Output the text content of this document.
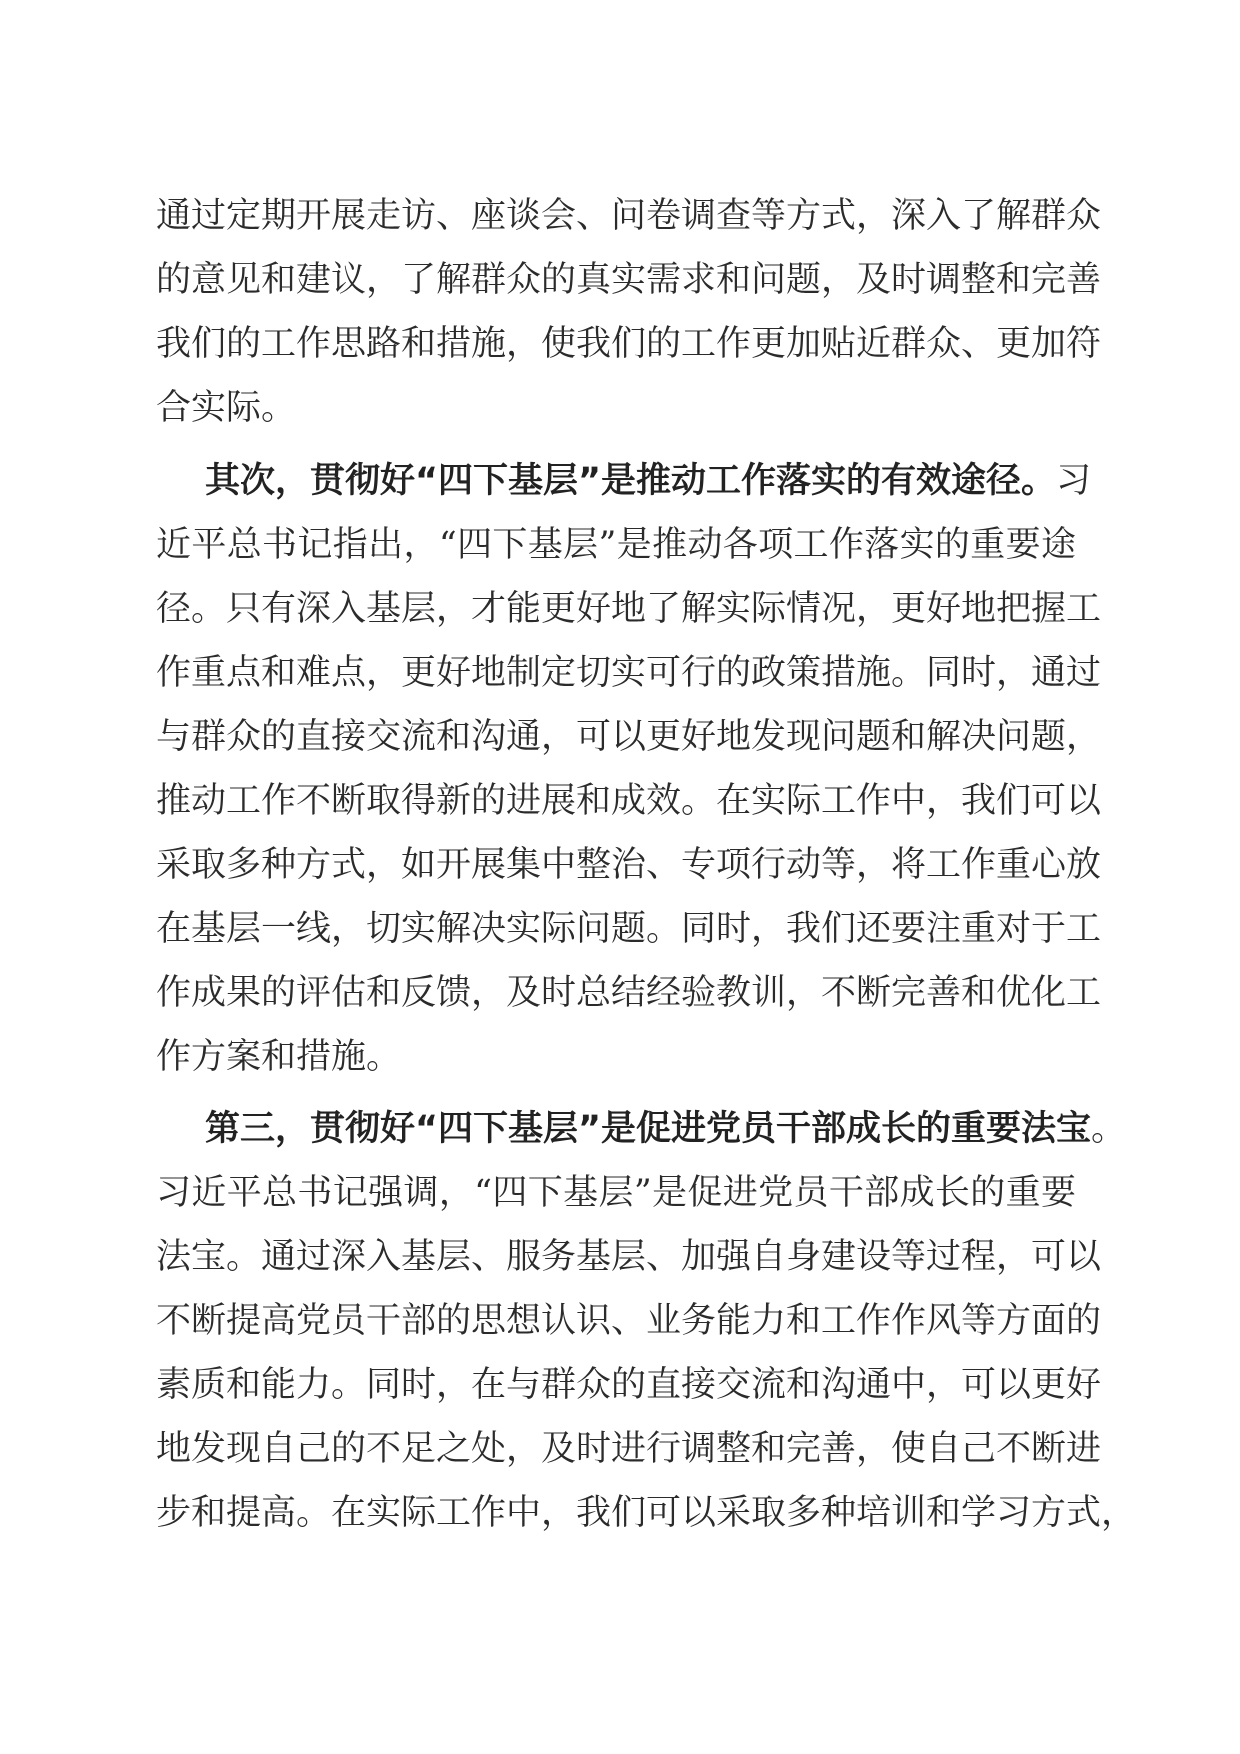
通过定期开展走访、座谈会、问卷调查等方式，深入了解群众
的意见和建议，了解群众的真实需求和问题，及时调整和完善
我们的工作思路和措施，使我们的工作更加贴近群众、更加符
合实际。
其次，贯彻好“四下基层”是推动工作落实的有效途径。习
近平总书记指出，“四下基层”是推动各项工作落实的重要途
径。只有深入基层，才能更好地了解实际情况，更好地把握工
作重点和难点，更好地制定切实可行的政策措施。同时，通过
与群众的直接交流和沟通，可以更好地发现问题和解决问题，
推动工作不断取得新的进展和成效。在实际工作中，我们可以
采取多种方式，如开展集中整治、专项行动等，将工作重心放
在基层一线，切实解决实际问题。同时，我们还要注重对于工
作成果的评估和反馈，及时总结经验教训，不断完善和优化工
作方案和措施。
第三，贯彻好“四下基层”是促进党员干部成长的重要法宝。
习近平总书记强调，“四下基层”是促进党员干部成长的重要
法宝。通过深入基层、服务基层、加强自身建设等过程，可以
不断提高党员干部的思想认识、业务能力和工作作风等方面的
素质和能力。同时，在与群众的直接交流和沟通中，可以更好
地发现自己的不足之处，及时进行调整和完善，使自己不断进
步和提高。在实际工作中，我们可以采取多种培训和学习方式，
